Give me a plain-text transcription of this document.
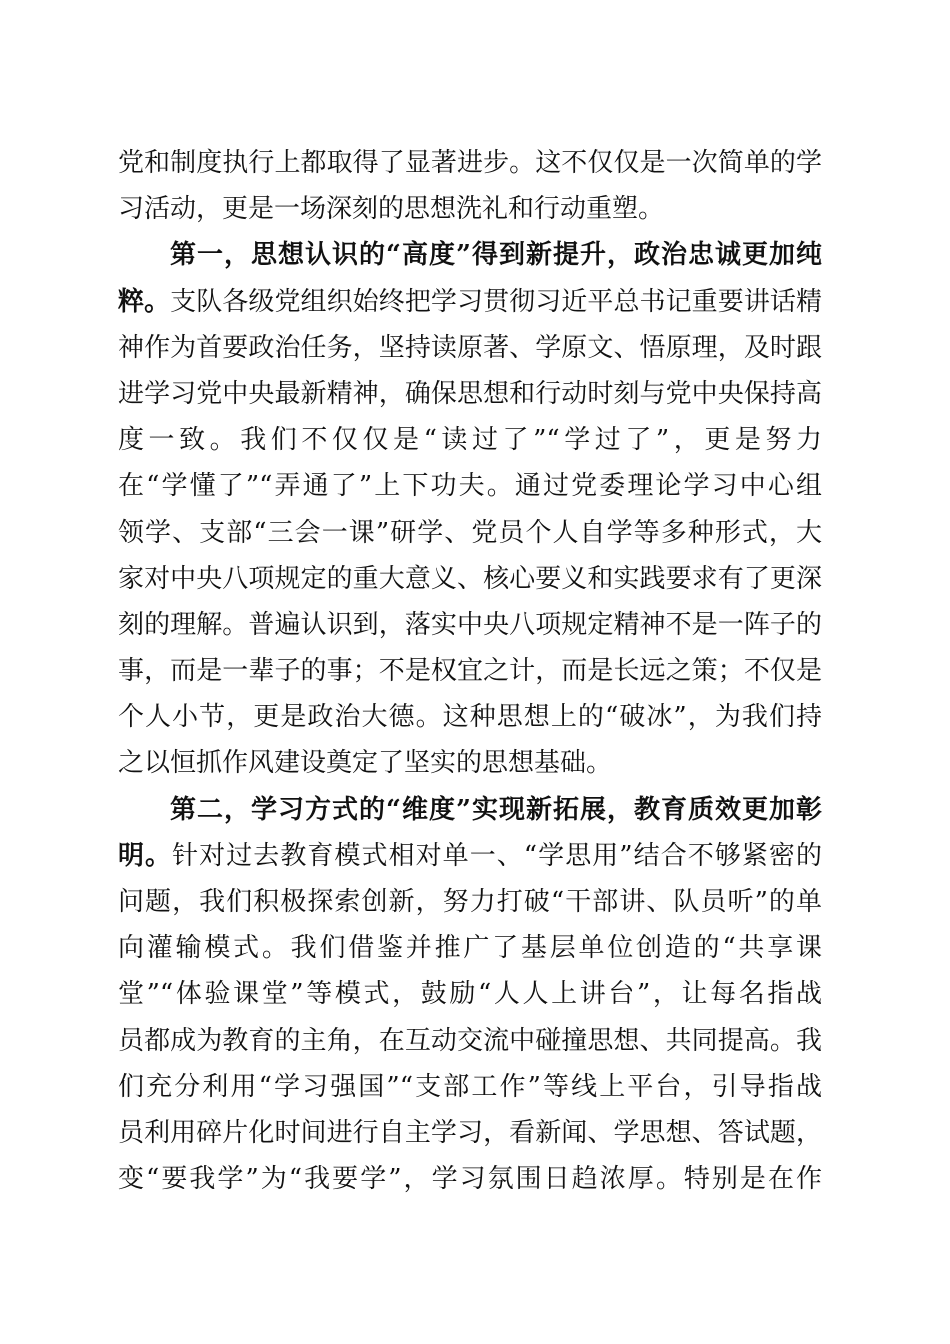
党和制度执行上都取得了显著进步。这不仅仅是一次简单的学
习活动，更是一场深刻的思想洗礼和行动重塑。
第一，思想认识的“高度”得到新提升，政治忠诚更加纯
粹。支队各级党组织始终把学习贯彻习近平总书记重要讲话精
神作为首要政治任务，坚持读原著、学原文、悟原理，及时跟
进学习党中央最新精神，确保思想和行动时刻与党中央保持高
度一致。我们不仅仅是“读过了”“学过了”，更是努力
在“学懂了”“弄通了”上下功夫。通过党委理论学习中心组
领学、支部“三会一课”研学、党员个人自学等多种形式，大
家对中央八项规定的重大意义、核心要义和实践要求有了更深
刻的理解。普遍认识到，落实中央八项规定精神不是一阵子的
事，而是一辈子的事；不是权宜之计，而是长远之策；不仅是
个人小节，更是政治大德。这种思想上的“破冰”，为我们持
之以恒抓作风建设奠定了坚实的思想基础。
第二，学习方式的“维度”实现新拓展，教育质效更加彰
明。针对过去教育模式相对单一、“学思用”结合不够紧密的
问题，我们积极探索创新，努力打破“干部讲、队员听”的单
向灌输模式。我们借鉴并推广了基层单位创造的“共享课
堂”“体验课堂”等模式，鼓励“人人上讲台”，让每名指战
员都成为教育的主角，在互动交流中碰撞思想、共同提高。我
们充分利用“学习强国”“支部工作”等线上平台，引导指战
员利用碎片化时间进行自主学习，看新闻、学思想、答试题，
变“要我学”为“我要学”，学习氛围日趋浓厚。特别是在作
